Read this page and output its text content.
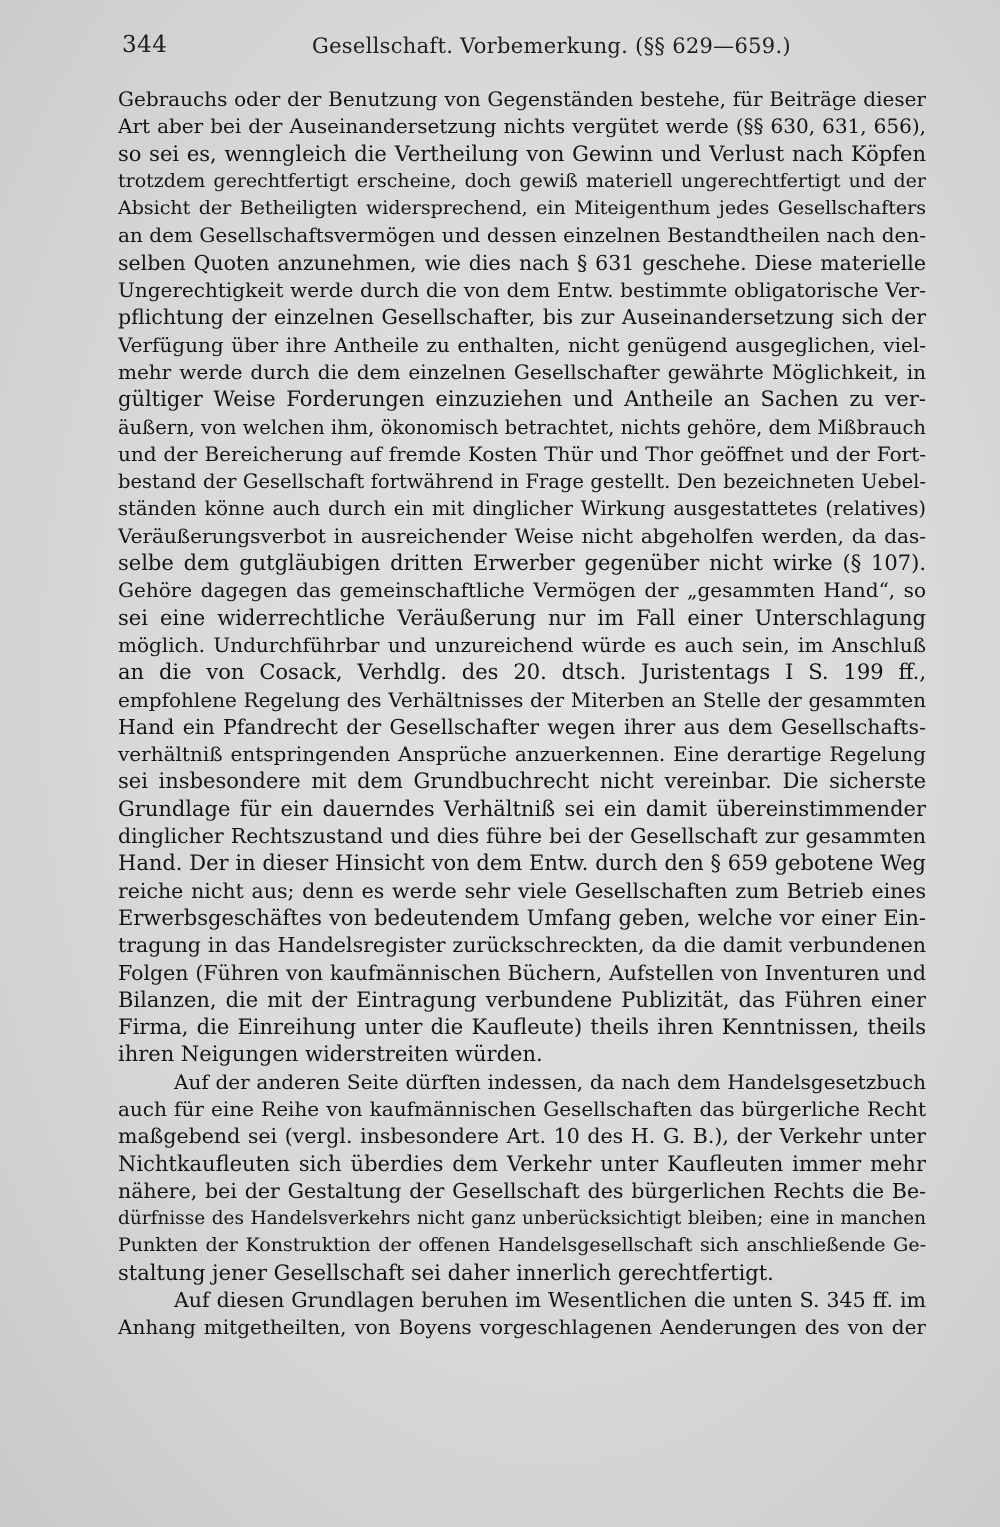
344	Gesellschaft. Vorbemerkung. (§§ 629—659.)
Gebrauchs oder der Benutzung von Gegenständen bestehe, für Beiträge dieser
Art aber bei der Auseinandersetzung nichts vergütet werde (§§ 630, 631, 656),
so sei es, wenngleich die Vertheilung von Gewinn und Verlust nach Köpfen
trotzdem gerechtfertigt erscheine, doch gewiß materiell ungerechtfertigt und der
Absicht der Betheiligten widersprechend, ein Miteigenthum jedes Gesellschafters
an dem Gesellschaftsvermögen und dessen einzelnen Bestandtheilen nach den-
selben Quoten anzunehmen, wie dies nach § 631 geschehe. Diese materielle
Ungerechtigkeit werde durch die von dem Entw. bestimmte obligatorische Ver-
pflichtung der einzelnen Gesellschafter, bis zur Auseinandersetzung sich der
Verfügung über ihre Antheile zu enthalten, nicht genügend ausgeglichen, viel-
mehr werde durch die dem einzelnen Gesellschafter gewährte Möglichkeit, in
gültiger Weise Forderungen einzuziehen und Antheile an Sachen zu ver-
äußern, von welchen ihm, ökonomisch betrachtet, nichts gehöre, dem Mißbrauch
und der Bereicherung auf fremde Kosten Thür und Thor geöffnet und der Fort-
bestand der Gesellschaft fortwährend in Frage gestellt. Den bezeichneten Uebel-
ständen könne auch durch ein mit dinglicher Wirkung ausgestattetes (relatives)
Veräußerungsverbot in ausreichender Weise nicht abgeholfen werden, da das-
selbe dem gutgläubigen dritten Erwerber gegenüber nicht wirke (§ 107).
Gehöre dagegen das gemeinschaftliche Vermögen der „gesammten Hand“, so
sei eine widerrechtliche Veräußerung nur im Fall einer Unterschlagung
möglich. Undurchführbar und unzureichend würde es auch sein, im Anschluß
an die von Cosack, Verhdlg. des 20. dtsch. Juristentags I S. 199 ff.,
empfohlene Regelung des Verhältnisses der Miterben an Stelle der gesammten
Hand ein Pfandrecht der Gesellschafter wegen ihrer aus dem Gesellschafts-
verhältniß entspringenden Ansprüche anzuerkennen. Eine derartige Regelung
sei insbesondere mit dem Grundbuchrecht nicht vereinbar. Die sicherste
Grundlage für ein dauerndes Verhältniß sei ein damit übereinstimmender
dinglicher Rechtszustand und dies führe bei der Gesellschaft zur gesammten
Hand. Der in dieser Hinsicht von dem Entw. durch den § 659 gebotene Weg
reiche nicht aus; denn es werde sehr viele Gesellschaften zum Betrieb eines
Erwerbsgeschäftes von bedeutendem Umfang geben, welche vor einer Ein-
tragung in das Handelsregister zurückschreckten, da die damit verbundenen
Folgen (Führen von kaufmännischen Büchern, Aufstellen von Inventuren und
Bilanzen, die mit der Eintragung verbundene Publizität, das Führen einer
Firma, die Einreihung unter die Kaufleute) theils ihren Kenntnissen, theils
ihren Neigungen widerstreiten würden.
Auf der anderen Seite dürften indessen, da nach dem Handelsgesetzbuch
auch für eine Reihe von kaufmännischen Gesellschaften das bürgerliche Recht
maßgebend sei (vergl. insbesondere Art. 10 des H. G. B.), der Verkehr unter
Nichtkaufleuten sich überdies dem Verkehr unter Kaufleuten immer mehr
nähere, bei der Gestaltung der Gesellschaft des bürgerlichen Rechts die Be-
dürfnisse des Handelsverkehrs nicht ganz unberücksichtigt bleiben; eine in manchen
Punkten der Konstruktion der offenen Handelsgesellschaft sich anschließende Ge-
staltung jener Gesellschaft sei daher innerlich gerechtfertigt.
Auf diesen Grundlagen beruhen im Wesentlichen die unten S. 345 ff. im
Anhang mitgetheilten, von Boyens vorgeschlagenen Aenderungen des von der
